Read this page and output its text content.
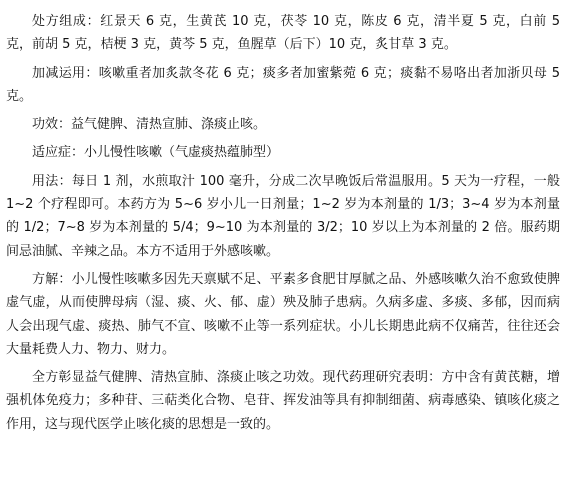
处方组成：红景天 6 克，生黄芪 10 克，茯苓 10 克，陈皮 6 克，清半夏 5 克，白前 5 克，前胡 5 克，桔梗 3 克，黄芩 5 克，鱼腥草（后下）10 克，炙甘草 3 克。

加减运用：咳嗽重者加炙款冬花 6 克；痰多者加蜜紫菀 6 克；痰黏不易咯出者加浙贝母 5 克。

功效：益气健脾、清热宣肺、涤痰止咳。

适应症：小儿慢性咳嗽（气虚痰热蕴肺型）

用法：每日 1 剂，水煎取汁 100 毫升，分成二次早晚饭后常温服用。5 天为一疗程，一般 1~2 个疗程即可。本药方为 5~6 岁小儿一日剂量；1~2 岁为本剂量的 1/3；3~4 岁为本剂量的 1/2；7~8 岁为本剂量的 5/4；9~10 为本剂量的 3/2；10 岁以上为本剂量的 2 倍。服药期间忌油腻、辛辣之品。本方不适用于外感咳嗽。

方解：小儿慢性咳嗽多因先天禀赋不足、平素多食肥甘厚腻之品、外感咳嗽久治不愈致使脾虚气虚，从而使脾母病（湿、痰、火、郁、虚）殃及肺子患病。久病多虚、多痰、多郁，因而病人会出现气虚、痰热、肺气不宣、咳嗽不止等一系列症状。小儿长期患此病不仅痛苦，往往还会大量耗费人力、物力、财力。

全方彰显益气健脾、清热宣肺、涤痰止咳之功效。现代药理研究表明：方中含有黄芪糖，增强机体免疫力；多种苷、三萜类化合物、皂苷、挥发油等具有抑制细菌、病毒感染、镇咳化痰之作用，这与现代医学止咳化痰的思想是一致的。
